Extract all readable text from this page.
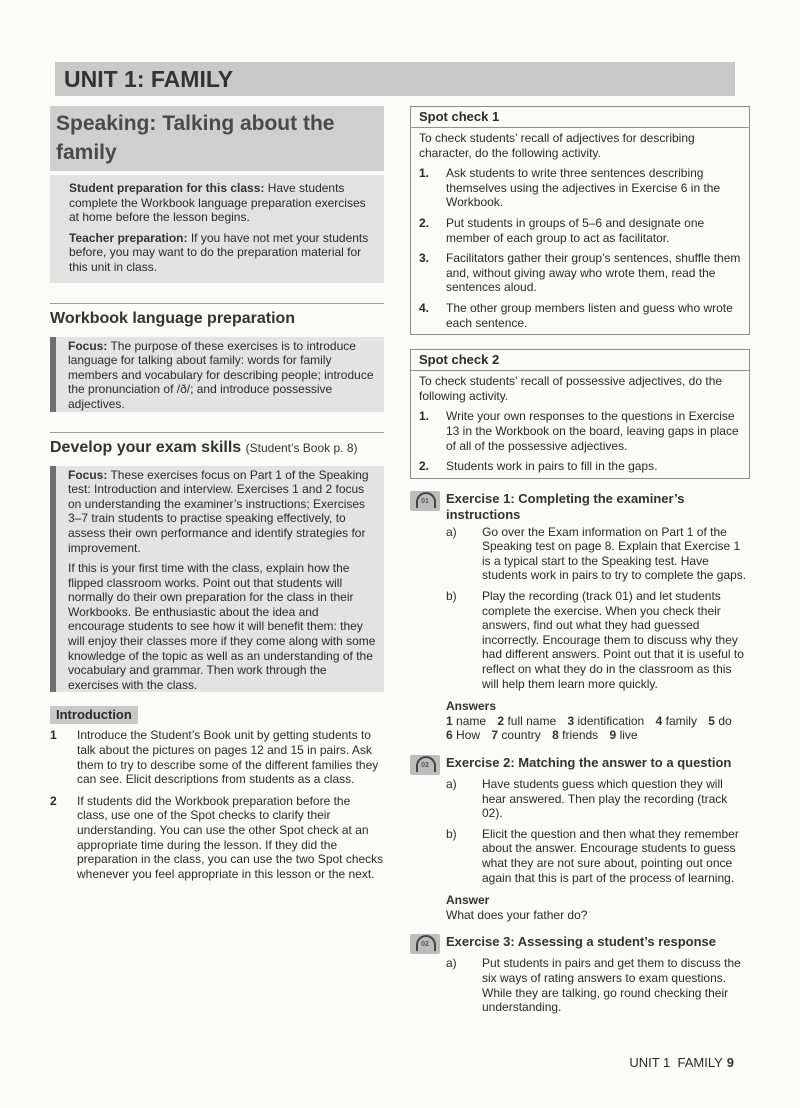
UNIT 1: FAMILY
Speaking: Talking about the family

Student preparation for this class: Have students complete the Workbook language preparation exercises at home before the lesson begins.

Teacher preparation: If you have not met your students before, you may want to do the preparation material for this unit in class.

Workbook language preparation

Focus: The purpose of these exercises is to introduce language for talking about family: words for family members and vocabulary for describing people; introduce the pronunciation of /ð/; and introduce possessive adjectives.

Develop your exam skills (Student’s Book p. 8)

Focus: These exercises focus on Part 1 of the Speaking test: Introduction and interview. Exercises 1 and 2 focus on understanding the examiner’s instructions; Exercises 3–7 train students to practise speaking effectively, to assess their own performance and identify strategies for improvement.

If this is your first time with the class, explain how the flipped classroom works. Point out that students will normally do their own preparation for the class in their Workbooks. Be enthusiastic about the idea and encourage students to see how it will benefit them: they will enjoy their classes more if they come along with some knowledge of the topic as well as an understanding of the vocabulary and grammar. Then work through the exercises with the class.

Introduction
1	Introduce the Student’s Book unit by getting students to talk about the pictures on pages 12 and 15 in pairs. Ask them to try to describe some of the different families they can see. Elicit descriptions from students as a class.
2	If students did the Workbook preparation before the class, use one of the Spot checks to clarify their understanding. You can use the other Spot check at an appropriate time during the lesson. If they did the preparation in the class, you can use the two Spot checks whenever you feel appropriate in this lesson or the next.
Spot check 1
To check students’ recall of adjectives for describing character, do the following activity.
1.	Ask students to write three sentences describing themselves using the adjectives in Exercise 6 in the Workbook.
2.	Put students in groups of 5–6 and designate one member of each group to act as facilitator.
3.	Facilitators gather their group’s sentences, shuffle them and, without giving away who wrote them, read the sentences aloud.
4.	The other group members listen and guess who wrote each sentence.
Spot check 2
To check students’ recall of possessive adjectives, do the following activity.
1.	Write your own responses to the questions in Exercise 13 in the Workbook on the board, leaving gaps in place of all of the possessive adjectives.
2.	Students work in pairs to fill in the gaps.
01	Exercise 1: Completing the examiner’s instructions
a)	Go over the Exam information on Part 1 of the Speaking test on page 8. Explain that Exercise 1 is a typical start to the Speaking test. Have students work in pairs to try to complete the gaps.
b)	Play the recording (track 01) and let students complete the exercise. When you check their answers, find out what they had guessed incorrectly. Encourage them to discuss why they had different answers. Point out that it is useful to reflect on what they do in the classroom as this will help them learn more quickly.
Answers
1 name 2 full name 3 identification 4 family 5 do 6 How 7 country 8 friends 9 live
02	Exercise 2: Matching the answer to a question
a)	Have students guess which question they will hear answered. Then play the recording (track 02).
b)	Elicit the question and then what they remember about the answer. Encourage students to guess what they are not sure about, pointing out once again that this is part of the process of learning.
Answer
What does your father do?
02	Exercise 3: Assessing a student’s response
a)	Put students in pairs and get them to discuss the six ways of rating answers to exam questions. While they are talking, go round checking their understanding.
UNIT 1  FAMILY 9
